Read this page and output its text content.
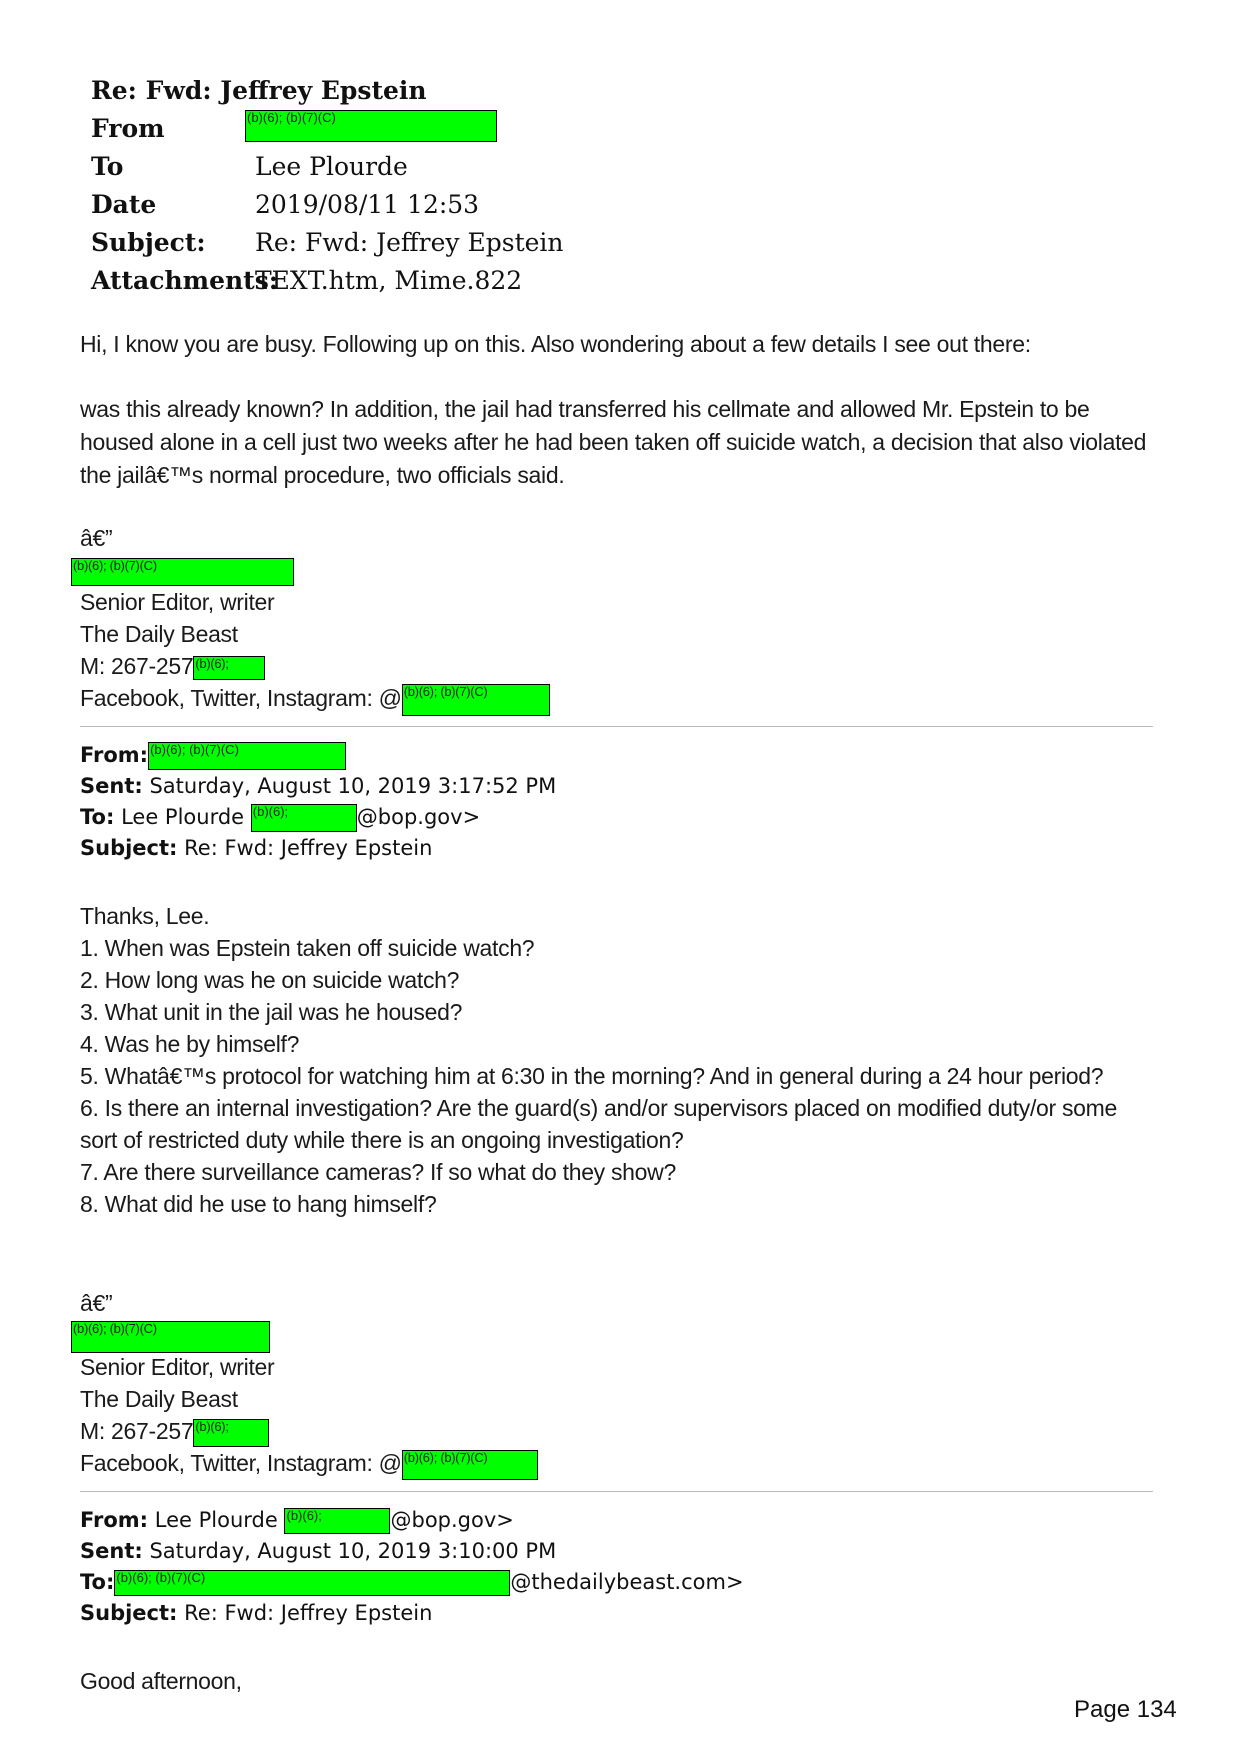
Re: Fwd: Jeffrey Epstein
From	(b)(6); (b)(7)(C)
To	Lee Plourde
Date	2019/08/11 12:53
Subject:	Re: Fwd: Jeffrey Epstein
Attachments:
TEXT.htm, Mime.822
Hi, I know you are busy. Following up on this. Also wondering about a few details I see out there:
was this already known? In addition, the jail had transferred his cellmate and allowed Mr. Epstein to be housed alone in a cell just two weeks after he had been taken off suicide watch, a decision that also violated the jailâ€™s normal procedure, two officials said.
â€”
(b)(6); (b)(7)(C)
Senior Editor, writer
The Daily Beast
M: 267-257 (b)(6);
Facebook, Twitter, Instagram: @ (b)(6); (b)(7)(C)
From: (b)(6); (b)(7)(C)
Sent: Saturday, August 10, 2019 3:17:52 PM
To: Lee Plourde (b)(6);	@bop.gov>
Subject: Re: Fwd: Jeffrey Epstein
Thanks, Lee.
1. When was Epstein taken off suicide watch?
2. How long was he on suicide watch?
3. What unit in the jail was he housed?
4. Was he by himself?
5. Whatâ€™s protocol for watching him at 6:30 in the morning? And in general during a 24 hour period?
6. Is there an internal investigation? Are the guard(s) and/or supervisors placed on modified duty/or some
sort of restricted duty while there is an ongoing investigation?
7. Are there surveillance cameras? If so what do they show?
8. What did he use to hang himself?
â€”
(b)(6); (b)(7)(C)
Senior Editor, writer
The Daily Beast
M: 267-257 (b)(6);
Facebook, Twitter, Instagram: @ (b)(6); (b)(7)(C)
From: Lee Plourde (b)(6);	@bop.gov>
Sent: Saturday, August 10, 2019 3:10:00 PM
To: (b)(6); (b)(7)(C)	@thedailybeast.com>
Subject: Re: Fwd: Jeffrey Epstein
Good afternoon,
Page 134
